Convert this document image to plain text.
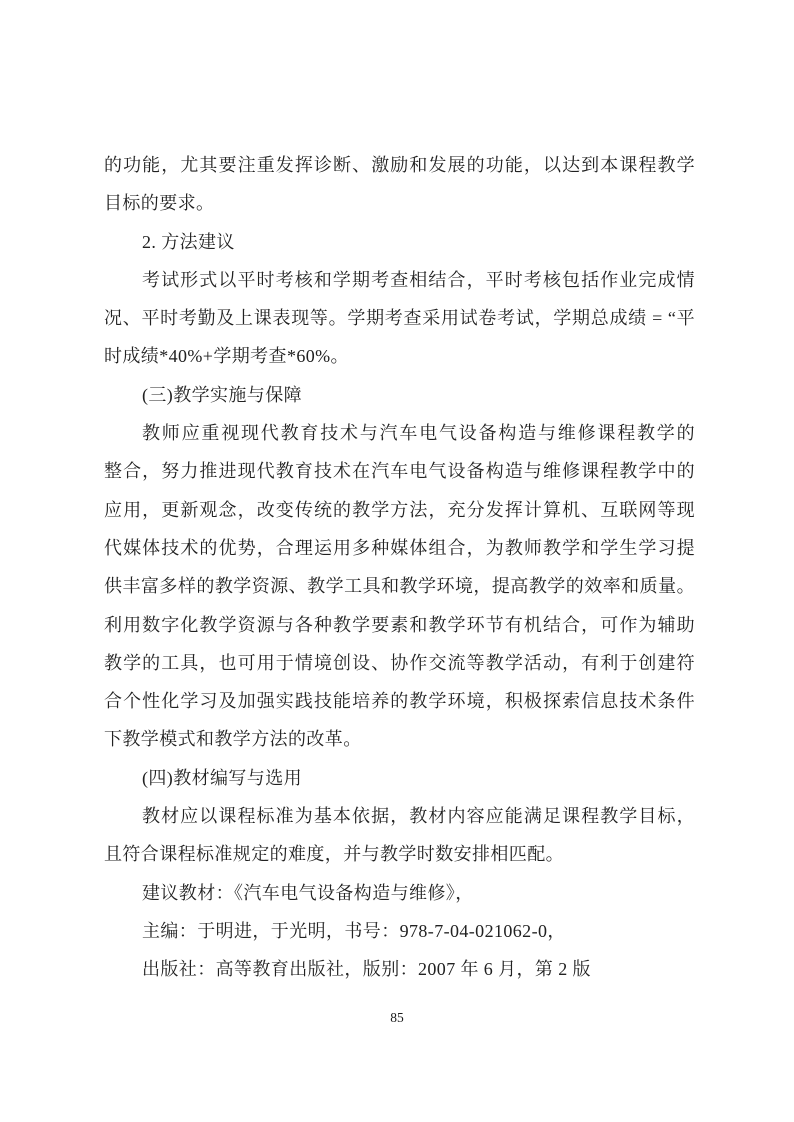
的功能，尤其要注重发挥诊断、激励和发展的功能，以达到本课程教学
目标的要求。
2. 方法建议
考试形式以平时考核和学期考查相结合，平时考核包括作业完成情
况、平时考勤及上课表现等。学期考查采用试卷考试，学期总成绩 = “平
时成绩*40%+学期考查*60%。
(三)教学实施与保障
教师应重视现代教育技术与汽车电气设备构造与维修课程教学的
整合，努力推进现代教育技术在汽车电气设备构造与维修课程教学中的
应用，更新观念，改变传统的教学方法，充分发挥计算机、互联网等现
代媒体技术的优势，合理运用多种媒体组合，为教师教学和学生学习提
供丰富多样的教学资源、教学工具和教学环境，提高教学的效率和质量。
利用数字化教学资源与各种教学要素和教学环节有机结合，可作为辅助
教学的工具，也可用于情境创设、协作交流等教学活动，有利于创建符
合个性化学习及加强实践技能培养的教学环境，积极探索信息技术条件
下教学模式和教学方法的改革。
(四)教材编写与选用
教材应以课程标准为基本依据，教材内容应能满足课程教学目标，
且符合课程标准规定的难度，并与教学时数安排相匹配。
建议教材：《汽车电气设备构造与维修》，
主编：于明进，于光明，书号：978-7-04-021062-0，
出版社：高等教育出版社，版别：2007 年 6 月，第 2 版
85
